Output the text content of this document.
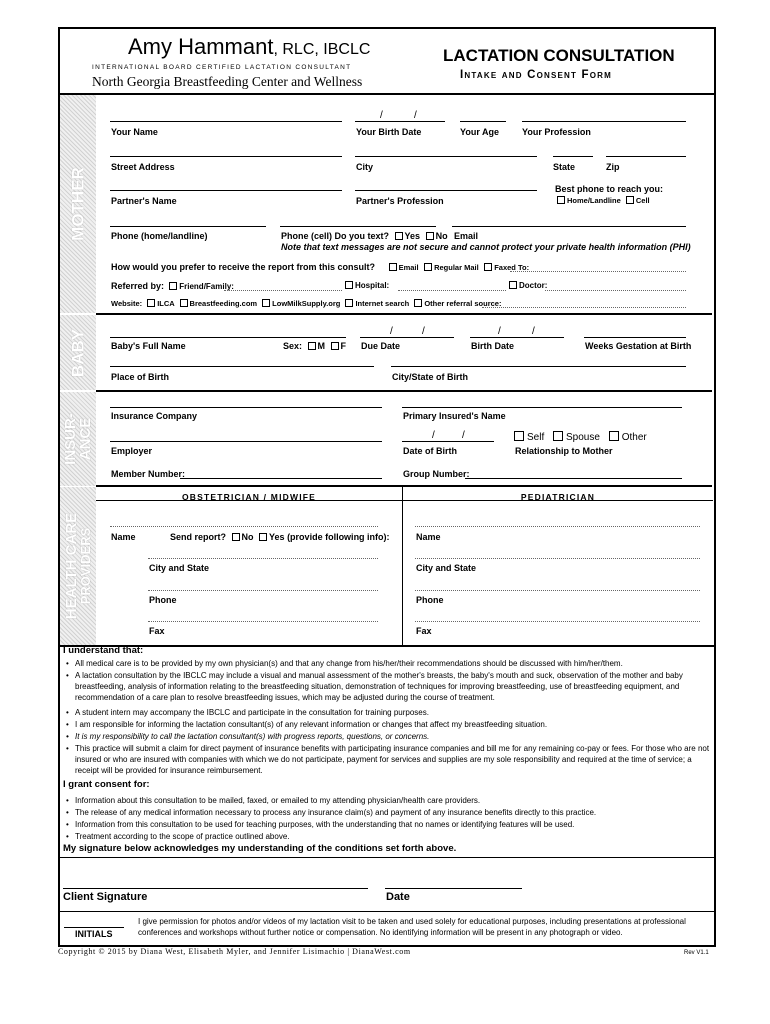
Amy Hammant, RLC, IBCLC
INTERNATIONAL BOARD CERTIFIED LACTATION CONSULTANT
North Georgia Breastfeeding Center and Wellness
LACTATION CONSULTATION
Intake and Consent Form
MOTHER
/	/
Your Name	Your Birth Date	Your Age	Your Profession
Street Address	City	State	Zip
Partner's Name	Partner's Profession
Best phone to reach you:
Home/Landline Cell
Phone (home/landline)	Phone (cell) Do you text? Yes No Email
Note that text messages are not secure and cannot protect your private health information (PHI)
How would you prefer to receive the report from this consult?	Email Regular Mail Faxed To:
Referred by: Friend/Family:	Hospital:	Doctor:
Website: ILCA Breastfeeding.com LowMilkSupply.org Internet search Other referral source:
BABY	/	/	/	/
Baby's Full Name	Sex: M F Due Date	Birth Date	Weeks Gestation at Birth
Place of Birth	City/State of Birth
INSUR-
ANCE
Insurance Company	Primary Insured's Name
/	/	Self Spouse Other
Employer	Date of Birth	Relationship to Mother
Member Number:	Group Number:
HEALTH CARE
PROVIDERS
OBSTETRICIAN / MIDWIFE	PEDIATRICIAN
Name	Send report? No Yes (provide following info):
City and State
Phone
Fax
Name
City and State
Phone
Fax
I understand that:
• All medical care is to be provided by my own physician(s) and that any change from his/her/their recommendations should be discussed with him/her/them.
• A lactation consultation by the IBCLC may include a visual and manual assessment of the mother's breasts, the baby's mouth and suck, observation of the mother and baby breastfeeding, analysis of information relating to the breastfeeding situation, demonstration of techniques for improving breastfeeding, use of breastfeeding equipment, and recommendation of a care plan to resolve breastfeeding issues, which may be adjusted during the course of treatment.
• A student intern may accompany the IBCLC and participate in the consultation for training purposes.
• I am responsible for informing the lactation consultant(s) of any relevant information or changes that affect my breastfeeding situation.
• It is my responsibility to call the lactation consultant(s) with progress reports, questions, or concerns.
• This practice will submit a claim for direct payment of insurance benefits with participating insurance companies and bill me for any remaining co-pay or fees. For those who are not insured or who are insured with companies with which we do not participate, payment for services and supplies are my sole responsibility and required at the time of service; a receipt will be provided for insurance reimbursement.
I grant consent for:
• Information about this consultation to be mailed, faxed, or emailed to my attending physician/health care providers.
• The release of any medical information necessary to process any insurance claim(s) and payment of any insurance benefits directly to this practice.
• Information from this consultation to be used for teaching purposes, with the understanding that no names or identifying features will be used.
• Treatment according to the scope of practice outlined above.
My signature below acknowledges my understanding of the conditions set forth above.
Client Signature	Date
INITIALS
I give permission for photos and/or videos of my lactation visit to be taken and used solely for educational purposes, including presentations at professional conferences and workshops without further notice or compensation. No identifying information will be present in any photograph or video.
Copyright © 2015 by Diana West, Elisabeth Myler, and Jennifer Lisimachio | DianaWest.com	Rev V1.1
